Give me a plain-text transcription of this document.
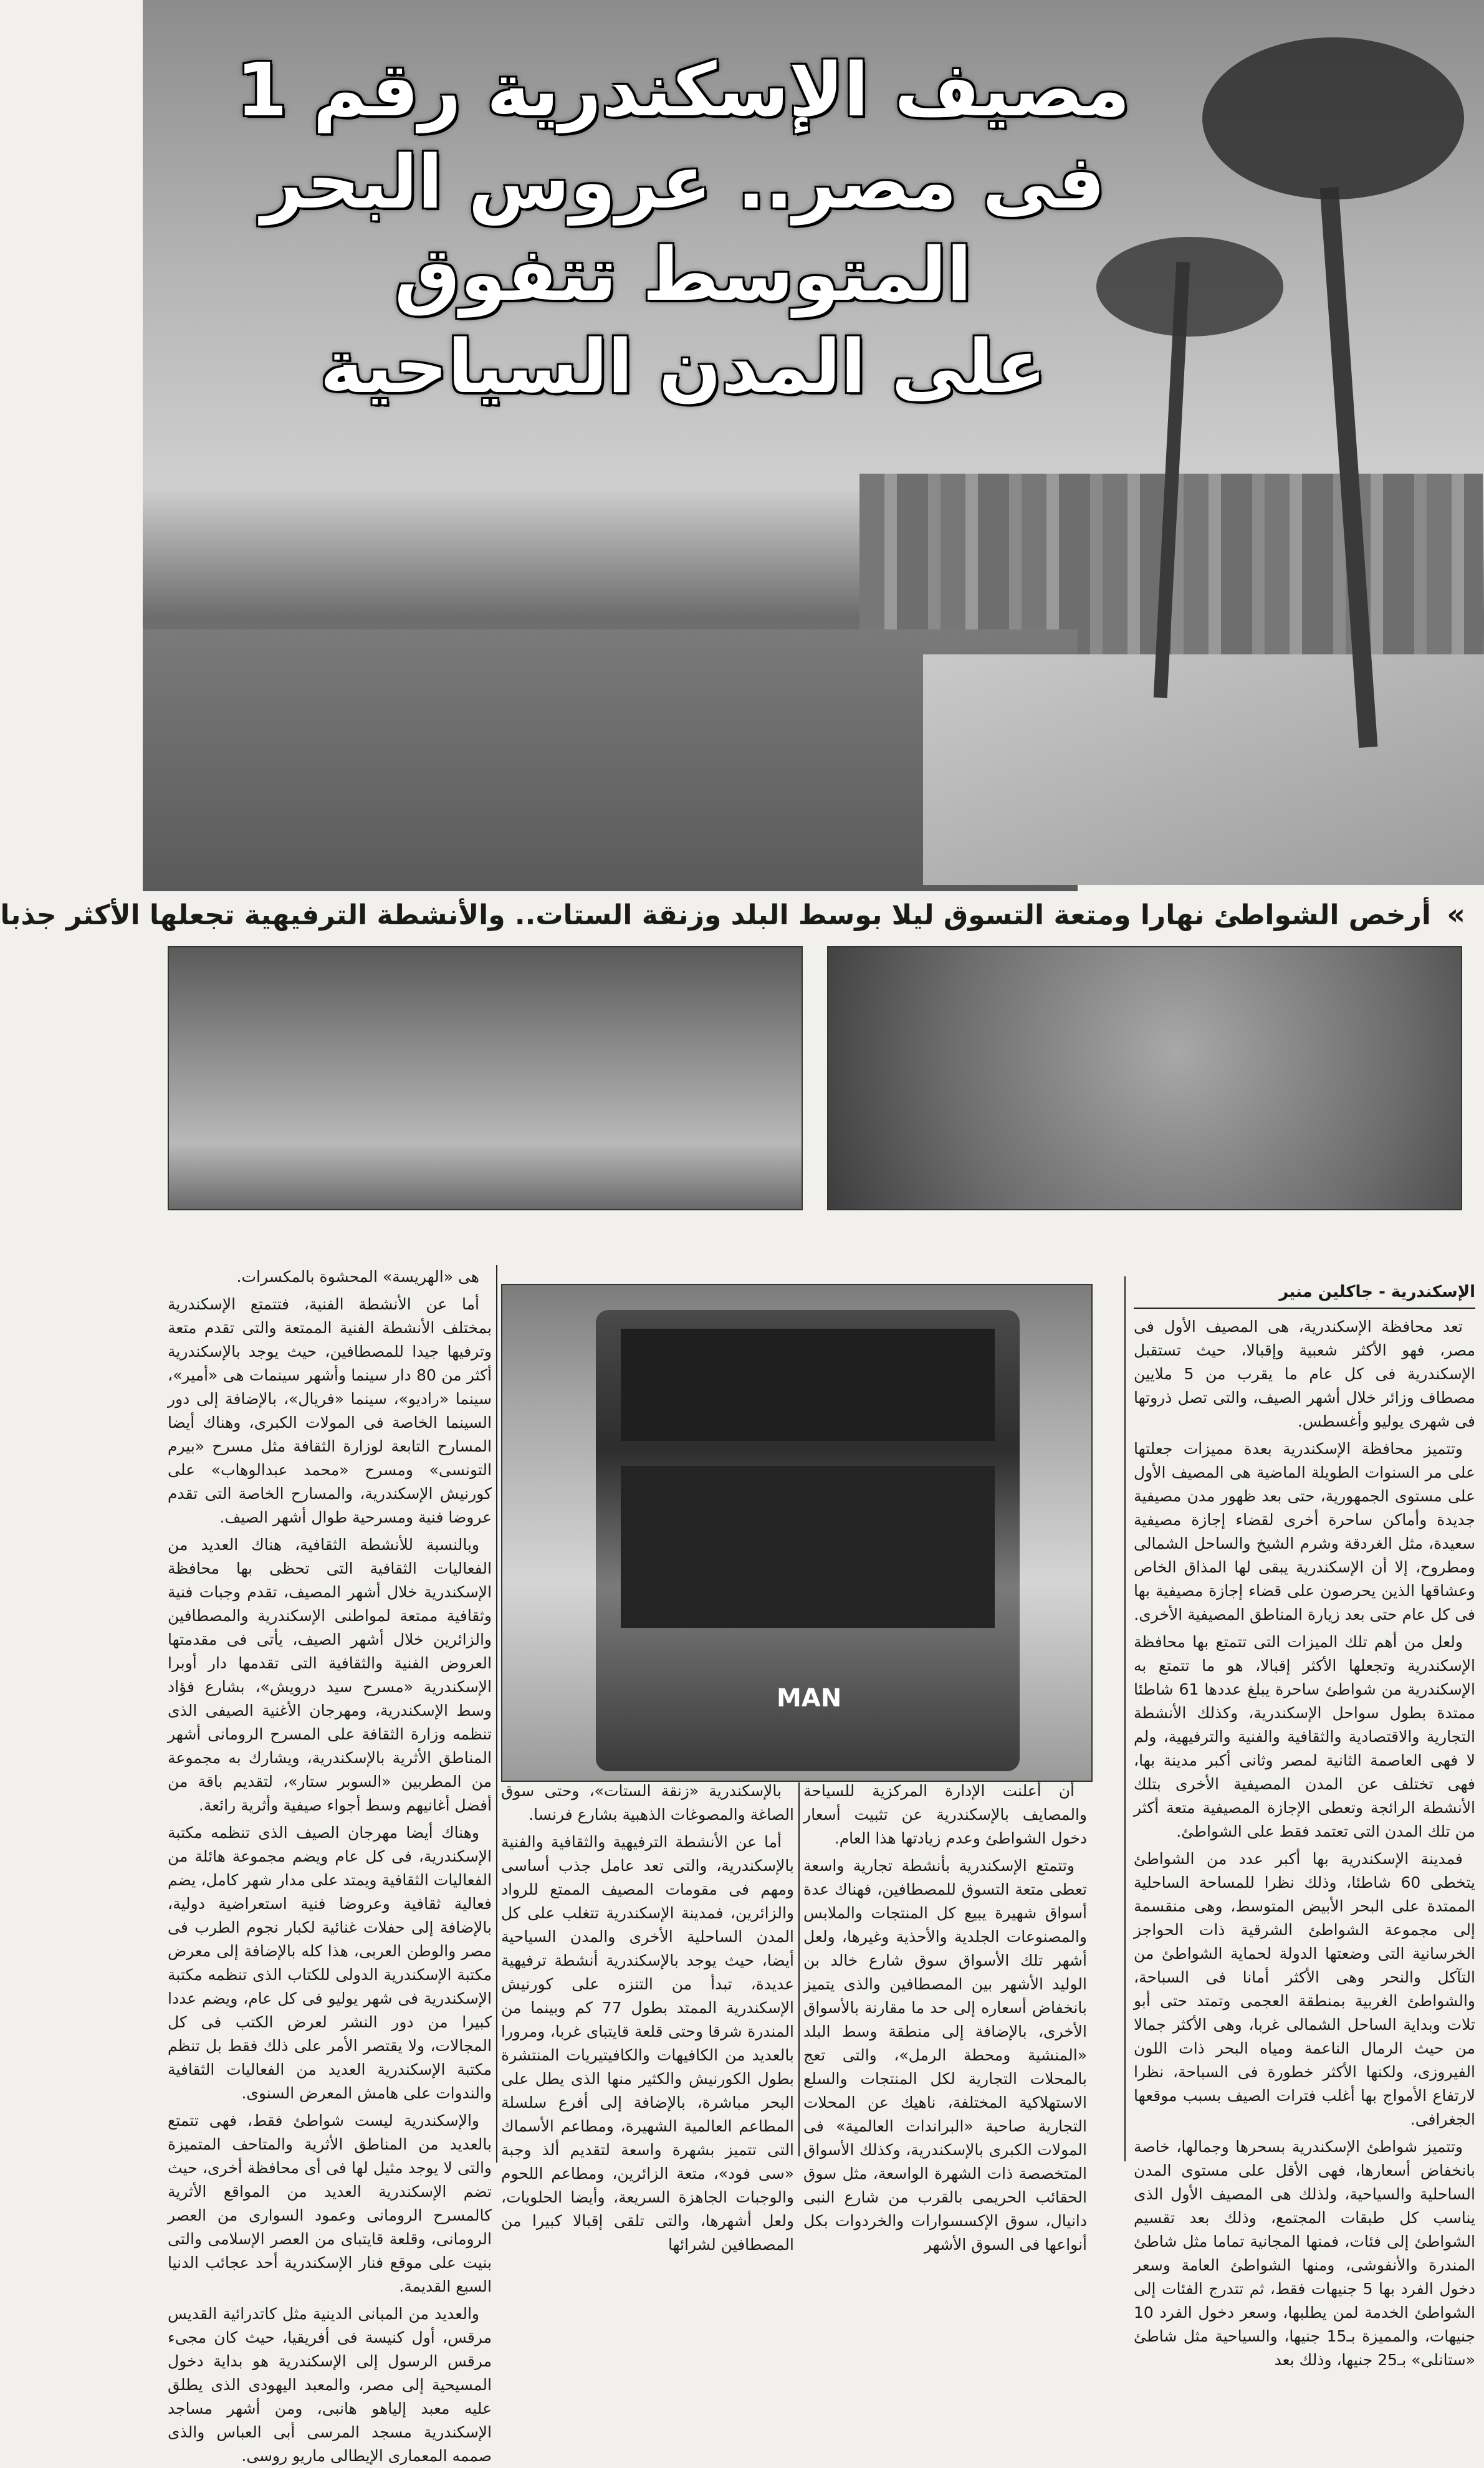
مصيف الإسكندرية رقم 1
فى مصر.. عروس البحر
المتوسط تتفوق
على المدن السياحية
» أرخص الشواطئ نهارا ومتعة التسوق ليلا بوسط البلد وزنقة الستات.. والأنشطة الترفيهية تجعلها الأكثر جذبا
MAN
الإسكندرية - جاكلين منير

تعد محافظة الإسكندرية، هى المصيف الأول فى مصر، فهو الأكثر شعبية وإقبالا، حيث تستقبل الإسكندرية فى كل عام ما يقرب من 5 ملايين مصطاف وزائر خلال أشهر الصيف، والتى تصل ذروتها فى شهرى يوليو وأغسطس.

وتتميز محافظة الإسكندرية بعدة مميزات جعلتها على مر السنوات الطويلة الماضية هى المصيف الأول على مستوى الجمهورية، حتى بعد ظهور مدن مصيفية جديدة وأماكن ساحرة أخرى لقضاء إجازة مصيفية سعيدة، مثل الغردقة وشرم الشيخ والساحل الشمالى ومطروح، إلا أن الإسكندرية يبقى لها المذاق الخاص وعشاقها الذين يحرصون على قضاء إجازة مصيفية بها فى كل عام حتى بعد زيارة المناطق المصيفية الأخرى.

ولعل من أهم تلك الميزات التى تتمتع بها محافظة الإسكندرية وتجعلها الأكثر إقبالا، هو ما تتمتع به الإسكندرية من شواطئ ساحرة يبلغ عددها 61 شاطئا ممتدة بطول سواحل الإسكندرية، وكذلك الأنشطة التجارية والاقتصادية والثقافية والفنية والترفيهية، ولم لا فهى العاصمة الثانية لمصر وثانى أكبر مدينة بها، فهى تختلف عن المدن المصيفية الأخرى بتلك الأنشطة الرائجة وتعطى الإجازة المصيفية متعة أكثر من تلك المدن التى تعتمد فقط على الشواطئ.

فمدينة الإسكندرية بها أكبر عدد من الشواطئ يتخطى 60 شاطئا، وذلك نظرا للمساحة الساحلية الممتدة على البحر الأبيض المتوسط، وهى منقسمة إلى مجموعة الشواطئ الشرقية ذات الحواجز الخرسانية التى وضعتها الدولة لحماية الشواطئ من التآكل والنحر وهى الأكثر أمانا فى السباحة، والشواطئ الغربية بمنطقة العجمى وتمتد حتى أبو تلات وبداية الساحل الشمالى غربا، وهى الأكثر جمالا من حيث الرمال الناعمة ومياه البحر ذات اللون الفيروزى، ولكنها الأكثر خطورة فى السباحة، نظرا لارتفاع الأمواج بها أغلب فترات الصيف بسبب موقعها الجغرافى.

وتتميز شواطئ الإسكندرية بسحرها وجمالها، خاصة بانخفاض أسعارها، فهى الأقل على مستوى المدن الساحلية والسياحية، ولذلك هى المصيف الأول الذى يناسب كل طبقات المجتمع، وذلك بعد تقسيم الشواطئ إلى فئات، فمنها المجانية تماما مثل شاطئ المندرة والأنفوشى، ومنها الشواطئ العامة وسعر دخول الفرد بها 5 جنيهات فقط، ثم تتدرج الفئات إلى الشواطئ الخدمة لمن يطلبها، وسعر دخول الفرد 10 جنيهات، والمميزة بـ15 جنيها، والسياحية مثل شاطئ «ستانلى» بـ25 جنيها، وذلك بعد

أن أعلنت الإدارة المركزية للسياحة والمصايف بالإسكندرية عن تثبيت أسعار دخول الشواطئ وعدم زيادتها هذا العام.

وتتمتع الإسكندرية بأنشطة تجارية واسعة تعطى متعة التسوق للمصطافين، فهناك عدة أسواق شهيرة يبيع كل المنتجات والملابس والمصنوعات الجلدية والأحذية وغيرها، ولعل أشهر تلك الأسواق سوق شارع خالد بن الوليد الأشهر بين المصطافين والذى يتميز بانخفاض أسعاره إلى حد ما مقارنة بالأسواق الأخرى، بالإضافة إلى منطقة وسط البلد «المنشية ومحطة الرمل»، والتى تعج بالمحلات التجارية لكل المنتجات والسلع الاستهلاكية المختلفة، ناهيك عن المحلات التجارية صاحبة «البراندات العالمية» فى المولات الكبرى بالإسكندرية، وكذلك الأسواق المتخصصة ذات الشهرة الواسعة، مثل سوق الحقائب الحريمى بالقرب من شارع النبى دانيال، سوق الإكسسوارات والخردوات بكل أنواعها فى السوق الأشهر

بالإسكندرية «زنقة الستات»، وحتى سوق الصاغة والمصوغات الذهبية بشارع فرنسا.

أما عن الأنشطة الترفيهية والثقافية والفنية بالإسكندرية، والتى تعد عامل جذب أساسى ومهم فى مقومات المصيف الممتع للرواد والزائرين، فمدينة الإسكندرية تتغلب على كل المدن الساحلية الأخرى والمدن السياحية أيضا، حيث يوجد بالإسكندرية أنشطة ترفيهية عديدة، تبدأ من التنزه على كورنيش الإسكندرية الممتد بطول 77 كم وبينما من المندرة شرقا وحتى قلعة قايتباى غربا، ومرورا بالعديد من الكافيهات والكافيتيريات المنتشرة بطول الكورنيش والكثير منها الذى يطل على البحر مباشرة، بالإضافة إلى أفرع سلسلة المطاعم العالمية الشهيرة، ومطاعم الأسماك التى تتميز بشهرة واسعة لتقديم ألذ وجبة «سى فود»، متعة الزائرين، ومطاعم اللحوم والوجبات الجاهزة السريعة، وأيضا الحلويات، ولعل أشهرها، والتى تلقى إقبالا كبيرا من المصطافين لشرائها

هى «الهريسة» المحشوة بالمكسرات.

أما عن الأنشطة الفنية، فتتمتع الإسكندرية بمختلف الأنشطة الفنية الممتعة والتى تقدم متعة وترفيها جيدا للمصطافين، حيث يوجد بالإسكندرية أكثر من 80 دار سينما وأشهر سينمات هى «أمير»، سينما «راديو»، سينما «فريال»، بالإضافة إلى دور السينما الخاصة فى المولات الكبرى، وهناك أيضا المسارح التابعة لوزارة الثقافة مثل مسرح «بيرم التونسى» ومسرح «محمد عبدالوهاب» على كورنيش الإسكندرية، والمسارح الخاصة التى تقدم عروضا فنية ومسرحية طوال أشهر الصيف.

وبالنسبة للأنشطة الثقافية، هناك العديد من الفعاليات الثقافية التى تحظى بها محافظة الإسكندرية خلال أشهر المصيف، تقدم وجبات فنية وثقافية ممتعة لمواطنى الإسكندرية والمصطافين والزائرين خلال أشهر الصيف، يأتى فى مقدمتها العروض الفنية والثقافية التى تقدمها دار أوبرا الإسكندرية «مسرح سيد درويش»، بشارع فؤاد وسط الإسكندرية، ومهرجان الأغنية الصيفى الذى تنظمه وزارة الثقافة على المسرح الرومانى أشهر المناطق الأثرية بالإسكندرية، ويشارك به مجموعة من المطربين «السوبر ستار»، لتقديم باقة من أفضل أغانيهم وسط أجواء صيفية وأثرية رائعة.

وهناك أيضا مهرجان الصيف الذى تنظمه مكتبة الإسكندرية، فى كل عام ويضم مجموعة هائلة من الفعاليات الثقافية ويمتد على مدار شهر كامل، يضم فعالية ثقافية وعروضا فنية استعراضية دولية، بالإضافة إلى حفلات غنائية لكبار نجوم الطرب فى مصر والوطن العربى، هذا كله بالإضافة إلى معرض مكتبة الإسكندرية الدولى للكتاب الذى تنظمه مكتبة الإسكندرية فى شهر يوليو فى كل عام، ويضم عددا كبيرا من دور النشر لعرض الكتب فى كل المجالات، ولا يقتصر الأمر على ذلك فقط بل تنظم مكتبة الإسكندرية العديد من الفعاليات الثقافية والندوات على هامش المعرض السنوى.

والإسكندرية ليست شواطئ فقط، فهى تتمتع بالعديد من المناطق الأثرية والمتاحف المتميزة والتى لا يوجد مثيل لها فى أى محافظة أخرى، حيث تضم الإسكندرية العديد من المواقع الأثرية كالمسرح الرومانى وعمود السوارى من العصر الرومانى، وقلعة قايتباى من العصر الإسلامى والتى بنيت على موقع فنار الإسكندرية أحد عجائب الدنيا السبع القديمة.

والعديد من المبانى الدينية مثل كاتدرائية القديس مرقس، أول كنيسة فى أفريقيا، حيث كان مجىء مرقس الرسول إلى الإسكندرية هو بداية دخول المسيحية إلى مصر، والمعبد اليهودى الذى يطلق عليه معبد إلياهو هانبى، ومن أشهر مساجد الإسكندرية مسجد المرسى أبى العباس والذى صممه المعمارى الإيطالى ماريو روسى.
